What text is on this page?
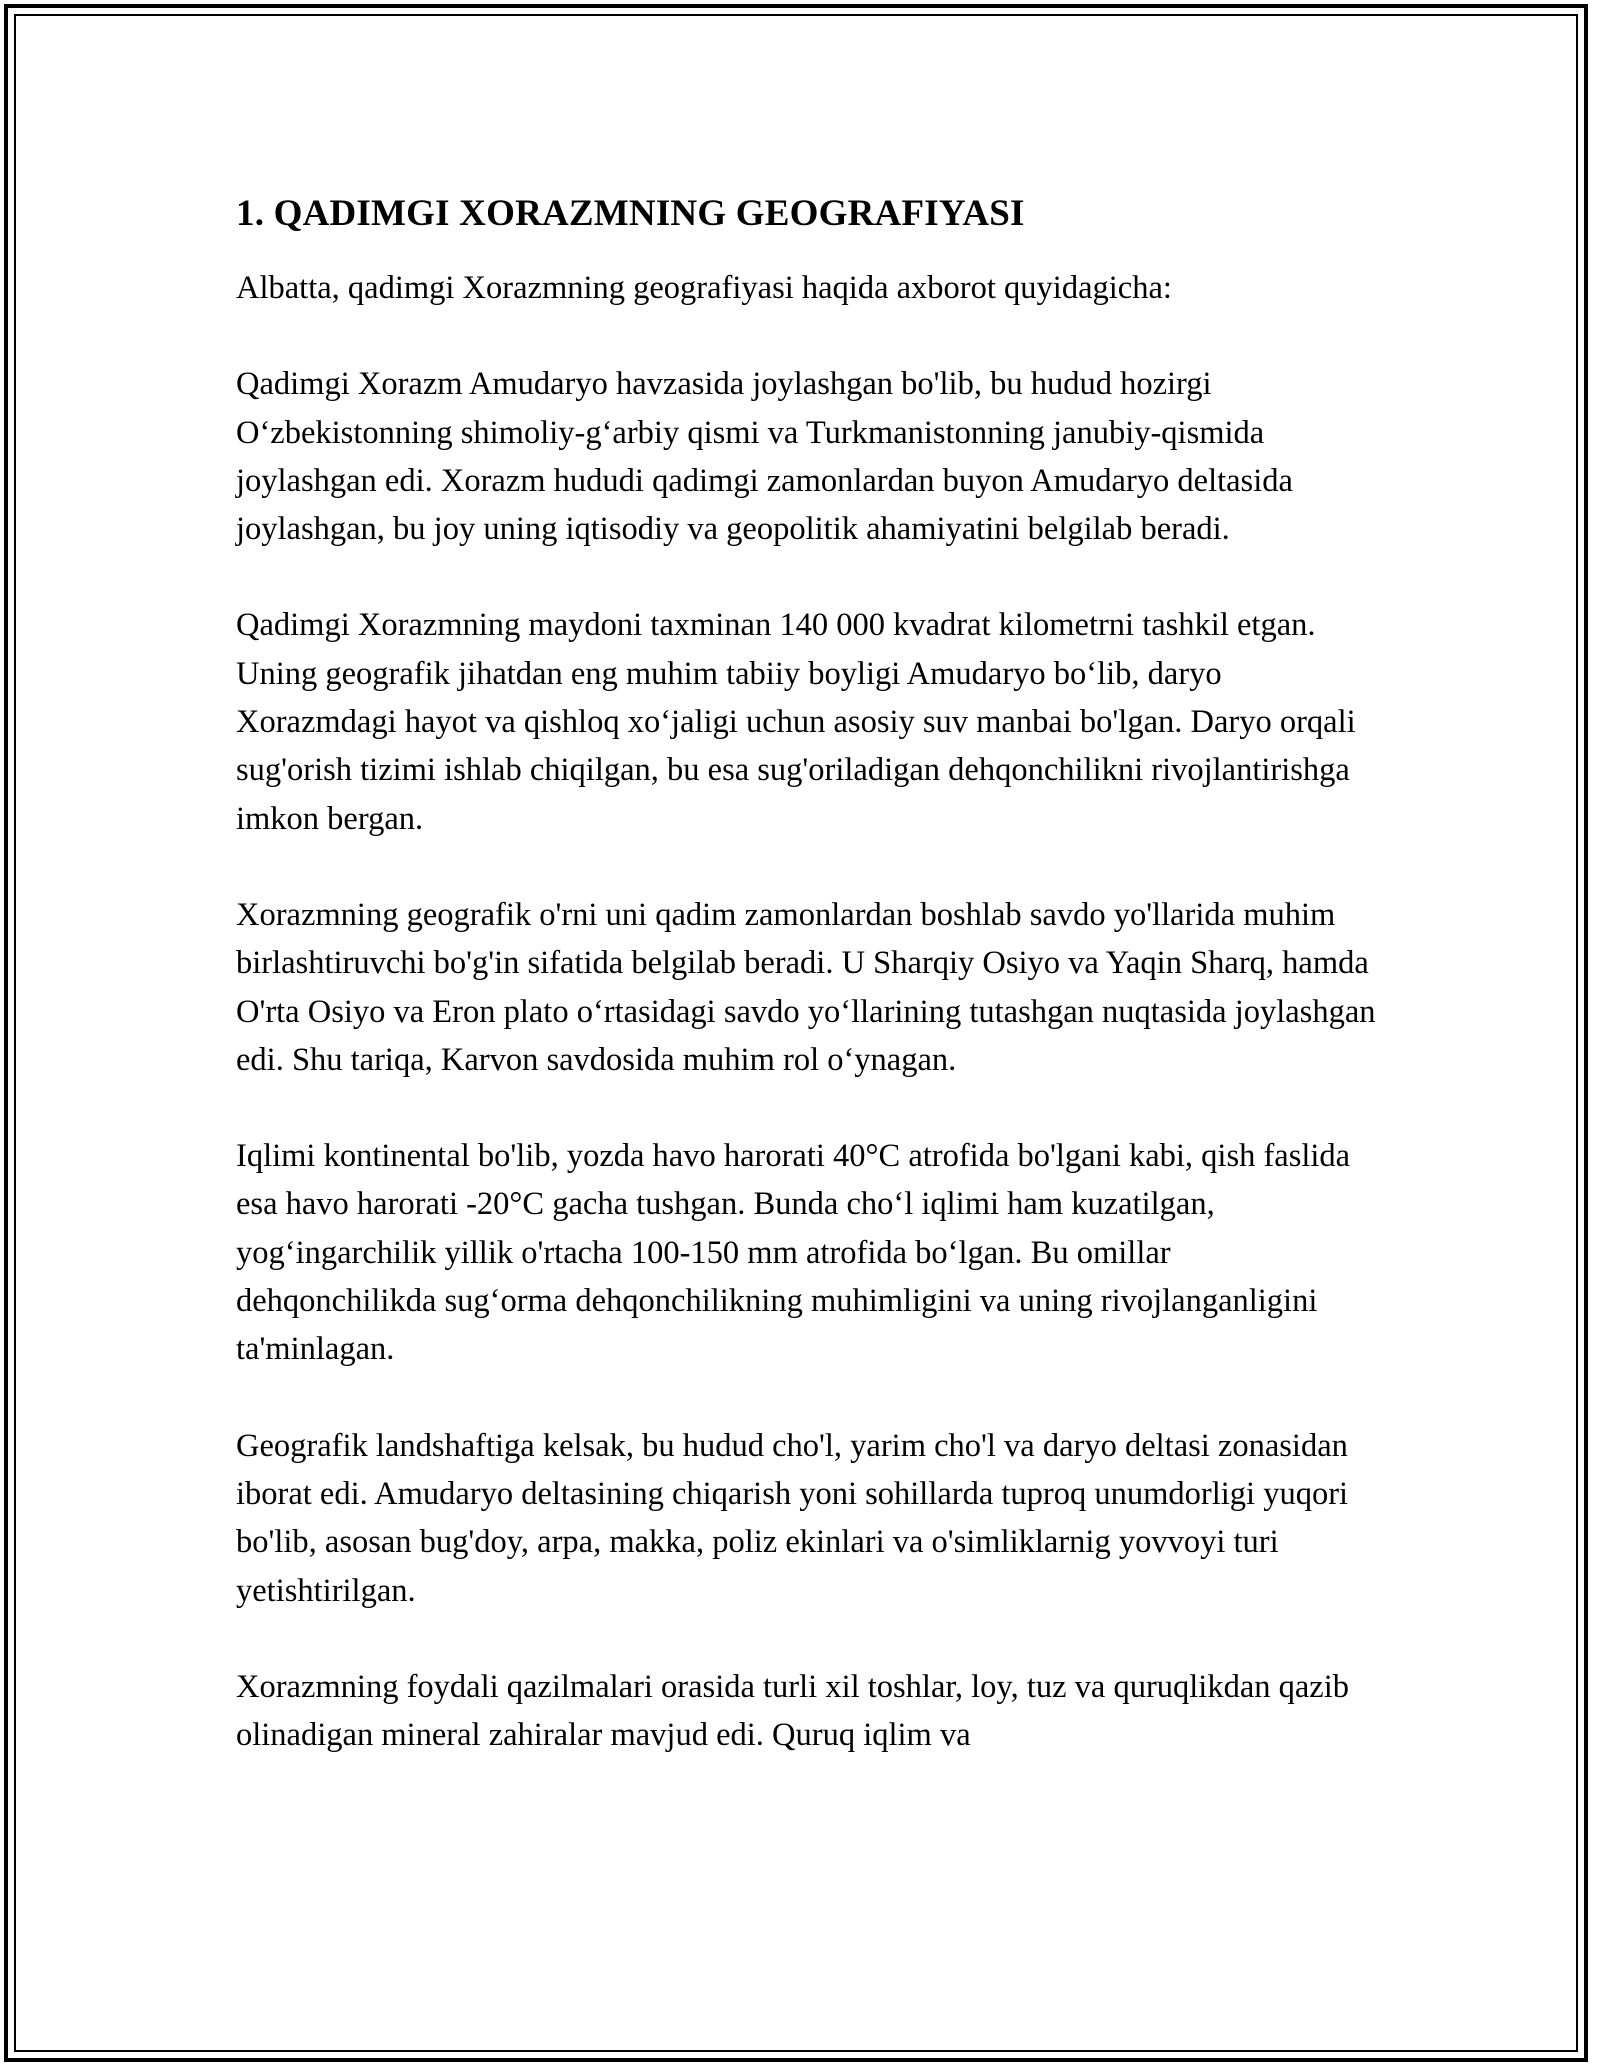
1. QADIMGI XORAZMNING GEOGRAFIYASI

Albatta, qadimgi Xorazmning geografiyasi haqida axborot quyidagicha:

Qadimgi Xorazm Amudaryo havzasida joylashgan bo'lib, bu hudud hozirgi O‘zbekistonning shimoliy-g‘arbiy qismi va Turkmanistonning janubiy-qismida joylashgan edi. Xorazm hududi qadimgi zamonlardan buyon Amudaryo deltasida joylashgan, bu joy uning iqtisodiy va geopolitik ahamiyatini belgilab beradi.

Qadimgi Xorazmning maydoni taxminan 140 000 kvadrat kilometrni tashkil etgan. Uning geografik jihatdan eng muhim tabiiy boyligi Amudaryo bo‘lib, daryo Xorazmdagi hayot va qishloq xo‘jaligi uchun asosiy suv manbai bo'lgan. Daryo orqali sug'orish tizimi ishlab chiqilgan, bu esa sug'oriladigan dehqonchilikni rivojlantirishga imkon bergan.

Xorazmning geografik o'rni uni qadim zamonlardan boshlab savdo yo'llarida muhim birlashtiruvchi bo'g'in sifatida belgilab beradi. U Sharqiy Osiyo va Yaqin Sharq, hamda O'rta Osiyo va Eron plato o‘rtasidagi savdo yo‘llarining tutashgan nuqtasida joylashgan edi. Shu tariqa, Karvon savdosida muhim rol o‘ynagan.

Iqlimi kontinental bo'lib, yozda havo harorati 40°C atrofida bo'lgani kabi, qish faslida esa havo harorati -20°C gacha tushgan. Bunda cho‘l iqlimi ham kuzatilgan, yog‘ingarchilik yillik o'rtacha 100-150 mm atrofida bo‘lgan. Bu omillar dehqonchilikda sug‘orma dehqonchilikning muhimligini va uning rivojlanganligini ta'minlagan.

Geografik landshaftiga kelsak, bu hudud cho'l, yarim cho'l va daryo deltasi zonasidan iborat edi. Amudaryo deltasining chiqarish yoni sohillarda tuproq unumdorligi yuqori bo'lib, asosan bug'doy, arpa, makka, poliz ekinlari va o'simliklarnig yovvoyi turi yetishtirilgan.

Xorazmning foydali qazilmalari orasida turli xil toshlar, loy, tuz va quruqlikdan qazib olinadigan mineral zahiralar mavjud edi. Quruq iqlim va
